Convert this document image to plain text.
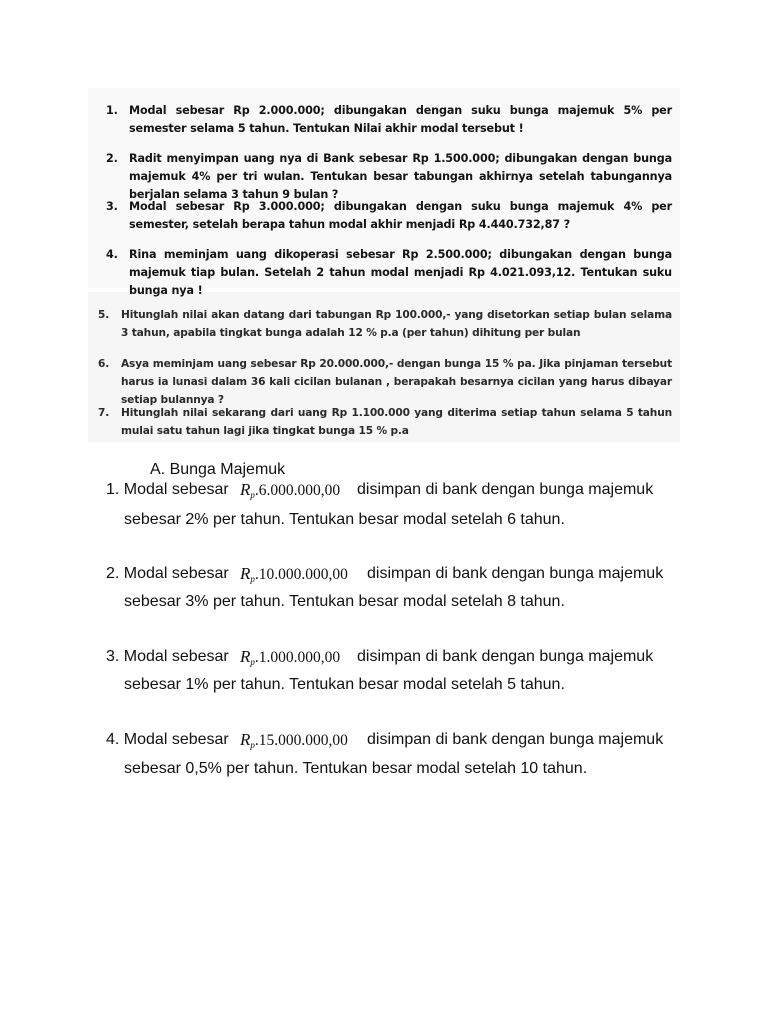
1. Modal sebesar Rp 2.000.000; dibungakan dengan suku bunga majemuk 5% per semester selama 5 tahun. Tentukan Nilai akhir modal tersebut !
2. Radit menyimpan uang nya di Bank sebesar Rp 1.500.000; dibungakan dengan bunga majemuk 4% per tri wulan. Tentukan besar tabungan akhirnya setelah tabungannya berjalan selama 3 tahun 9 bulan ?
3. Modal sebesar Rp 3.000.000; dibungakan dengan suku bunga majemuk 4% per semester, setelah berapa tahun modal akhir menjadi Rp 4.440.732,87 ?
4. Rina meminjam uang dikoperasi sebesar Rp 2.500.000; dibungakan dengan bunga majemuk tiap bulan. Setelah 2 tahun modal menjadi Rp 4.021.093,12. Tentukan suku bunga nya !
5. Hitunglah nilai akan datang dari tabungan Rp 100.000,- yang disetorkan setiap bulan selama 3 tahun, apabila tingkat bunga adalah 12 % p.a (per tahun) dihitung per bulan
6. Asya meminjam uang sebesar Rp 20.000.000,- dengan bunga 15 % pa. Jika pinjaman tersebut harus ia lunasi dalam 36 kali cicilan bulanan , berapakah besarnya cicilan yang harus dibayar setiap bulannya ?
7. Hitunglah nilai sekarang dari uang Rp 1.100.000 yang diterima setiap tahun selama 5 tahun mulai satu tahun lagi jika tingkat bunga 15 % p.a
A. Bunga Majemuk
1. Modal sebesar $R_p.6.000.000,00$ disimpan di bank dengan bunga majemuk
sebesar 2% per tahun. Tentukan besar modal setelah 6 tahun.
2. Modal sebesar $R_p.10.000.000,00$ disimpan di bank dengan bunga majemuk
sebesar 3% per tahun. Tentukan besar modal setelah 8 tahun.
3. Modal sebesar $R_p.1.000.000,00$ disimpan di bank dengan bunga majemuk
sebesar 1% per tahun. Tentukan besar modal setelah 5 tahun.
4. Modal sebesar $R_p.15.000.000,00$ disimpan di bank dengan bunga majemuk
sebesar 0,5% per tahun. Tentukan besar modal setelah 10 tahun.
